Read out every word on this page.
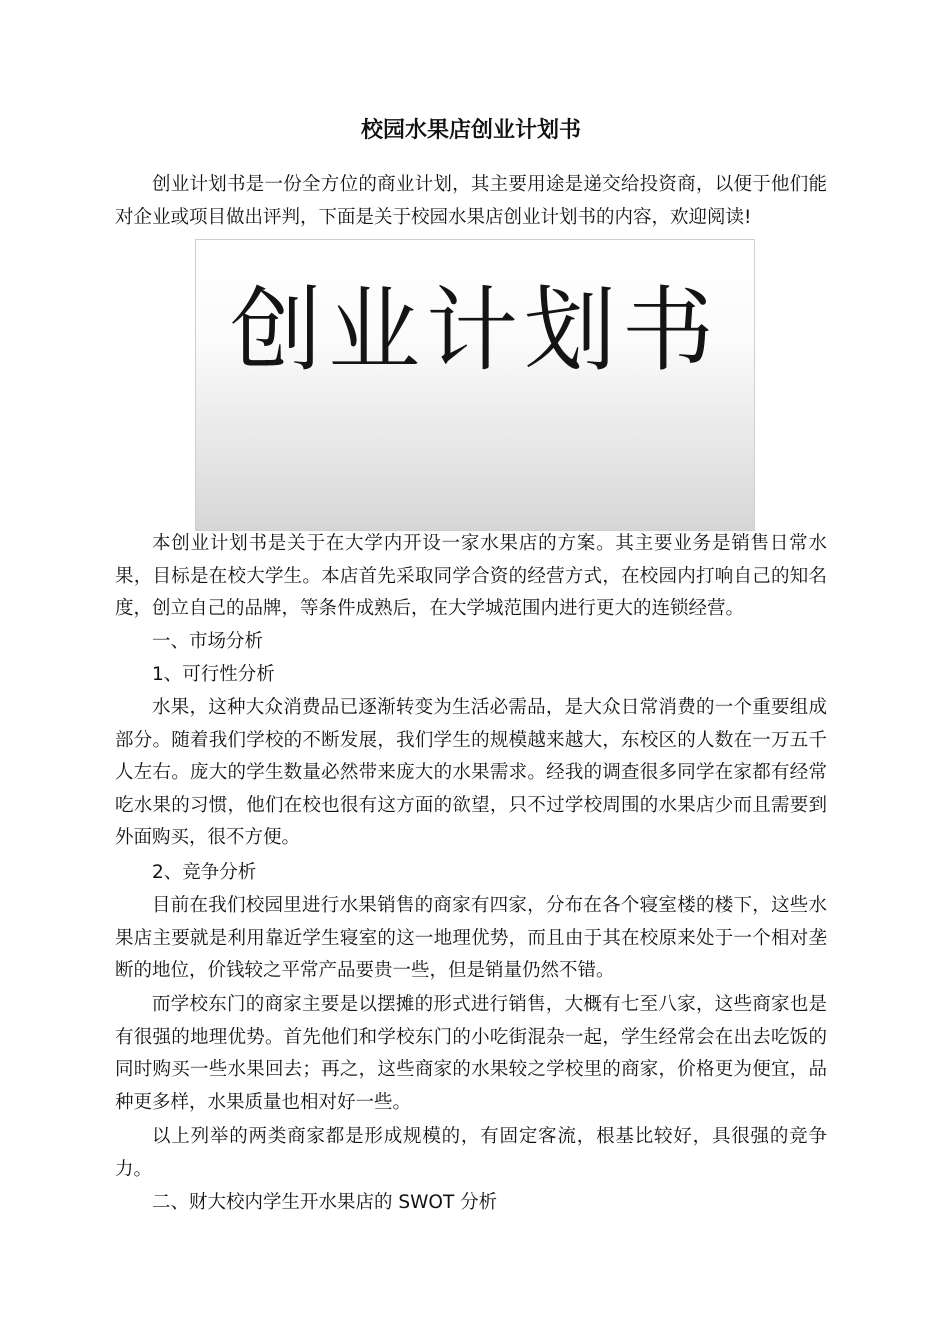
校园水果店创业计划书

创业计划书是一份全方位的商业计划，其主要用途是递交给投资商，以便于他们能对企业或项目做出评判，下面是关于校园水果店创业计划书的内容，欢迎阅读!

创业计划书

本创业计划书是关于在大学内开设一家水果店的方案。其主要业务是销售日常水果，目标是在校大学生。本店首先采取同学合资的经营方式，在校园内打响自己的知名度，创立自己的品牌，等条件成熟后，在大学城范围内进行更大的连锁经营。

一、市场分析

1、可行性分析

水果，这种大众消费品已逐渐转变为生活必需品，是大众日常消费的一个重要组成部分。随着我们学校的不断发展，我们学生的规模越来越大，东校区的人数在一万五千人左右。庞大的学生数量必然带来庞大的水果需求。经我的调查很多同学在家都有经常吃水果的习惯，他们在校也很有这方面的欲望，只不过学校周围的水果店少而且需要到外面购买，很不方便。

2、竞争分析

目前在我们校园里进行水果销售的商家有四家，分布在各个寝室楼的楼下，这些水果店主要就是利用靠近学生寝室的这一地理优势，而且由于其在校原来处于一个相对垄断的地位，价钱较之平常产品要贵一些，但是销量仍然不错。

而学校东门的商家主要是以摆摊的形式进行销售，大概有七至八家，这些商家也是有很强的地理优势。首先他们和学校东门的小吃街混杂一起，学生经常会在出去吃饭的同时购买一些水果回去；再之，这些商家的水果较之学校里的商家，价格更为便宜，品种更多样，水果质量也相对好一些。

以上列举的两类商家都是形成规模的，有固定客流，根基比较好，具很强的竞争力。

二、财大校内学生开水果店的 SWOT 分析
